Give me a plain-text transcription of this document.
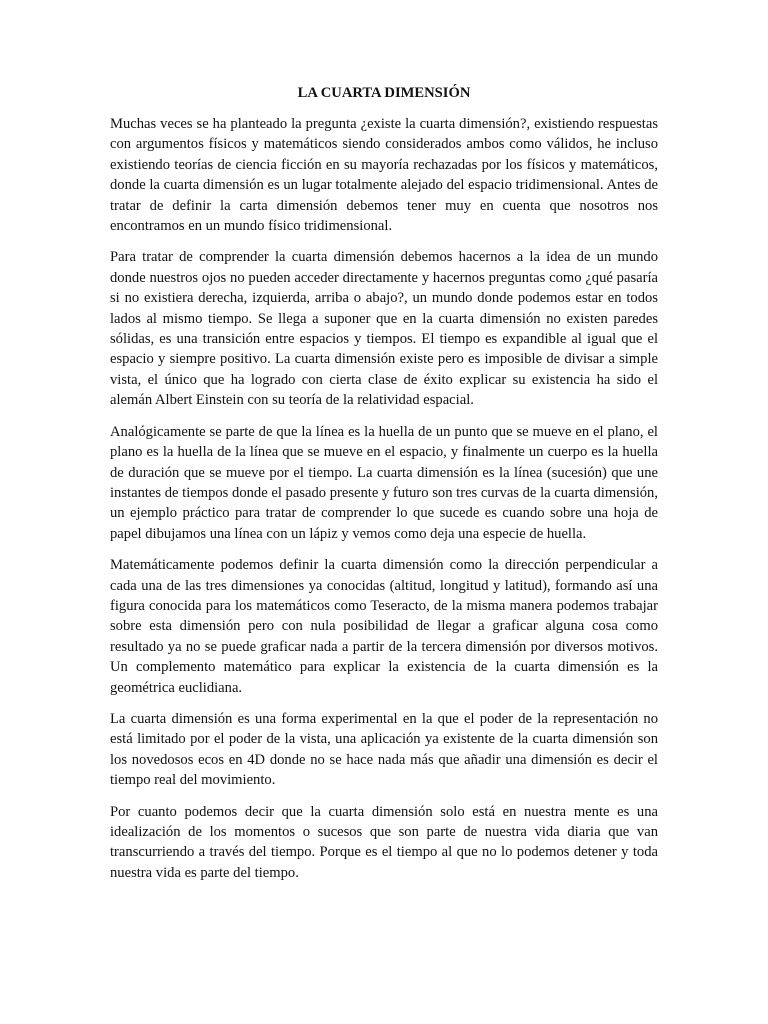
LA CUARTA DIMENSIÓN

Muchas veces se ha planteado la pregunta ¿existe la cuarta dimensión?, existiendo respuestas con argumentos físicos y matemáticos siendo considerados ambos como válidos, he incluso existiendo teorías de ciencia ficción en su mayoría rechazadas por los físicos y matemáticos, donde la cuarta dimensión es un lugar totalmente alejado del espacio tridimensional. Antes de tratar de definir la carta dimensión debemos tener muy en cuenta que nosotros nos encontramos en un mundo físico tridimensional.

Para tratar de comprender la cuarta dimensión debemos hacernos a la idea de un mundo donde nuestros ojos no pueden acceder directamente y hacernos preguntas como ¿qué pasaría si no existiera derecha, izquierda, arriba o abajo?, un mundo donde podemos estar en todos lados al mismo tiempo. Se llega a suponer que en la cuarta dimensión no existen paredes sólidas, es una transición entre espacios y tiempos. El tiempo es expandible al igual que el espacio y siempre positivo. La cuarta dimensión existe pero es imposible de divisar a simple vista, el único que ha logrado con cierta clase de éxito explicar su existencia ha sido el alemán Albert Einstein con su teoría de la relatividad espacial.

Analógicamente se parte de que la línea es la huella de un punto que se mueve en el plano, el plano es la huella de la línea que se mueve en el espacio, y finalmente un cuerpo es la huella de duración que se mueve por el tiempo. La cuarta dimensión es la línea (sucesión) que une instantes de tiempos donde el pasado presente y futuro son tres curvas de la cuarta dimensión, un ejemplo práctico para tratar de comprender lo que sucede es cuando sobre una hoja de papel dibujamos una línea con un lápiz y vemos como deja una especie de huella.

Matemáticamente podemos definir la cuarta dimensión como la dirección perpendicular a cada una de las tres dimensiones ya conocidas (altitud, longitud y latitud), formando así una figura conocida para los matemáticos como Teseracto, de la misma manera podemos trabajar sobre esta dimensión pero con nula posibilidad de llegar a graficar alguna cosa como resultado ya no se puede graficar nada a partir de la tercera dimensión por diversos motivos. Un complemento matemático para explicar la existencia de la cuarta dimensión es la geométrica euclidiana.

La cuarta dimensión es una forma experimental en la que el poder de la representación no está limitado por el poder de la vista, una aplicación ya existente de la cuarta dimensión son los novedosos ecos en 4D donde no se hace nada más que añadir una dimensión es decir el tiempo real del movimiento.

Por cuanto podemos decir que la cuarta dimensión solo está en nuestra mente es una idealización de los momentos o sucesos que son parte de nuestra vida diaria que van transcurriendo a través del tiempo. Porque es el tiempo al que no lo podemos detener y toda nuestra vida es parte del tiempo.
